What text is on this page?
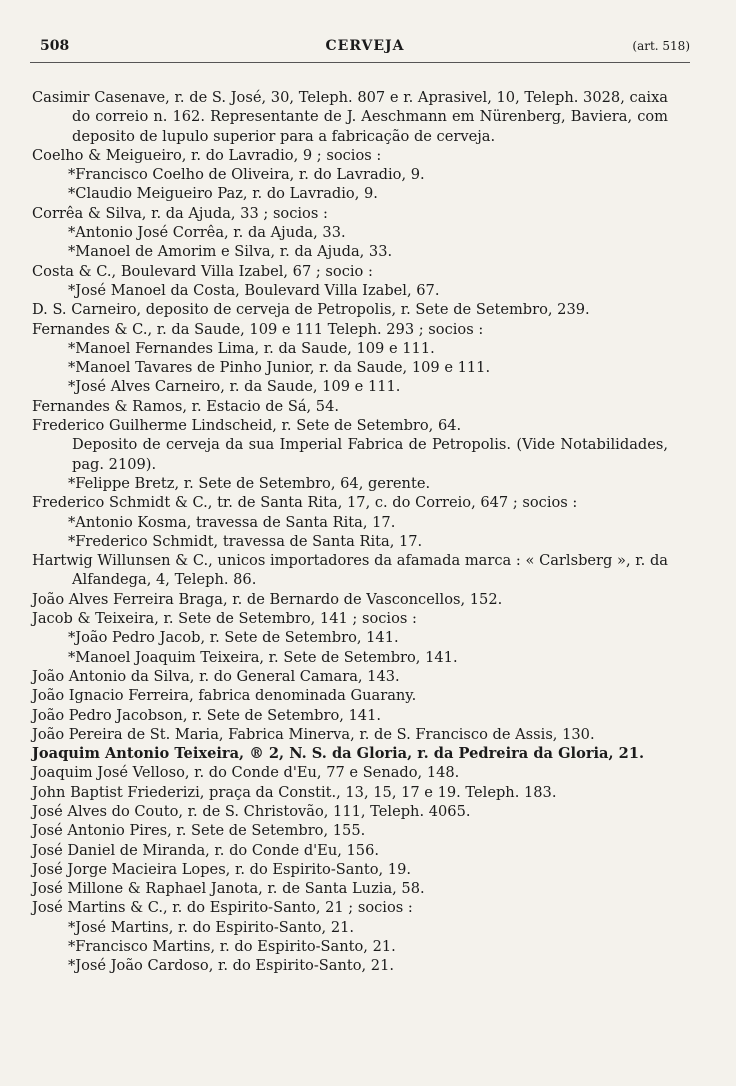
508	CERVEJA	(art. 518)

Casimir Casenave, r. de S. José, 30, Teleph. 807 e r. Aprasivel, 10, Teleph. 3028, caixa do correio n. 162. Representante de J. Aeschmann em Nürenberg, Baviera, com deposito de lupulo superior para a fabricação de cerveja.

Coelho & Meigueiro, r. do Lavradio, 9 ; socios :

*Francisco Coelho de Oliveira, r. do Lavradio, 9.

*Claudio Meigueiro Paz, r. do Lavradio, 9.

Corrêa & Silva, r. da Ajuda, 33 ; socios :

*Antonio José Corrêa, r. da Ajuda, 33.

*Manoel de Amorim e Silva, r. da Ajuda, 33.

Costa & C., Boulevard Villa Izabel, 67 ; socio :

*José Manoel da Costa, Boulevard Villa Izabel, 67.

D. S. Carneiro, deposito de cerveja de Petropolis, r. Sete de Setembro, 239.

Fernandes & C., r. da Saude, 109 e 111 Teleph. 293 ; socios :

*Manoel Fernandes Lima, r. da Saude, 109 e 111.

*Manoel Tavares de Pinho Junior, r. da Saude, 109 e 111.

*José Alves Carneiro, r. da Saude, 109 e 111.

Fernandes & Ramos, r. Estacio de Sá, 54.

Frederico Guilherme Lindscheid, r. Sete de Setembro, 64.

Deposito de cerveja da sua Imperial Fabrica de Petropolis. (Vide Notabilidades, pag. 2109).

*Felippe Bretz, r. Sete de Setembro, 64, gerente.

Frederico Schmidt & C., tr. de Santa Rita, 17, c. do Correio, 647 ; socios :

*Antonio Kosma, travessa de Santa Rita, 17.

*Frederico Schmidt, travessa de Santa Rita, 17.

Hartwig Willunsen & C., unicos importadores da afamada marca : « Carlsberg », r. da Alfandega, 4, Teleph. 86.

João Alves Ferreira Braga, r. de Bernardo de Vasconcellos, 152.

Jacob & Teixeira, r. Sete de Setembro, 141 ; socios :

*João Pedro Jacob, r. Sete de Setembro, 141.

*Manoel Joaquim Teixeira, r. Sete de Setembro, 141.

João Antonio da Silva, r. do General Camara, 143.

João Ignacio Ferreira, fabrica denominada Guarany.

João Pedro Jacobson, r. Sete de Setembro, 141.

João Pereira de St. Maria, Fabrica Minerva, r. de S. Francisco de Assis, 130.

Joaquim Antonio Teixeira, ® 2, N. S. da Gloria, r. da Pedreira da Gloria, 21.

Joaquim José Velloso, r. do Conde d'Eu, 77 e Senado, 148.

John Baptist Friederizi, praça da Constit., 13, 15, 17 e 19. Teleph. 183.

José Alves do Couto, r. de S. Christovão, 111, Teleph. 4065.

José Antonio Pires, r. Sete de Setembro, 155.

José Daniel de Miranda, r. do Conde d'Eu, 156.

José Jorge Macieira Lopes, r. do Espirito-Santo, 19.

José Millone & Raphael Janota, r. de Santa Luzia, 58.

José Martins & C., r. do Espirito-Santo, 21 ; socios :

*José Martins, r. do Espirito-Santo, 21.

*Francisco Martins, r. do Espirito-Santo, 21.

*José João Cardoso, r. do Espirito-Santo, 21.
